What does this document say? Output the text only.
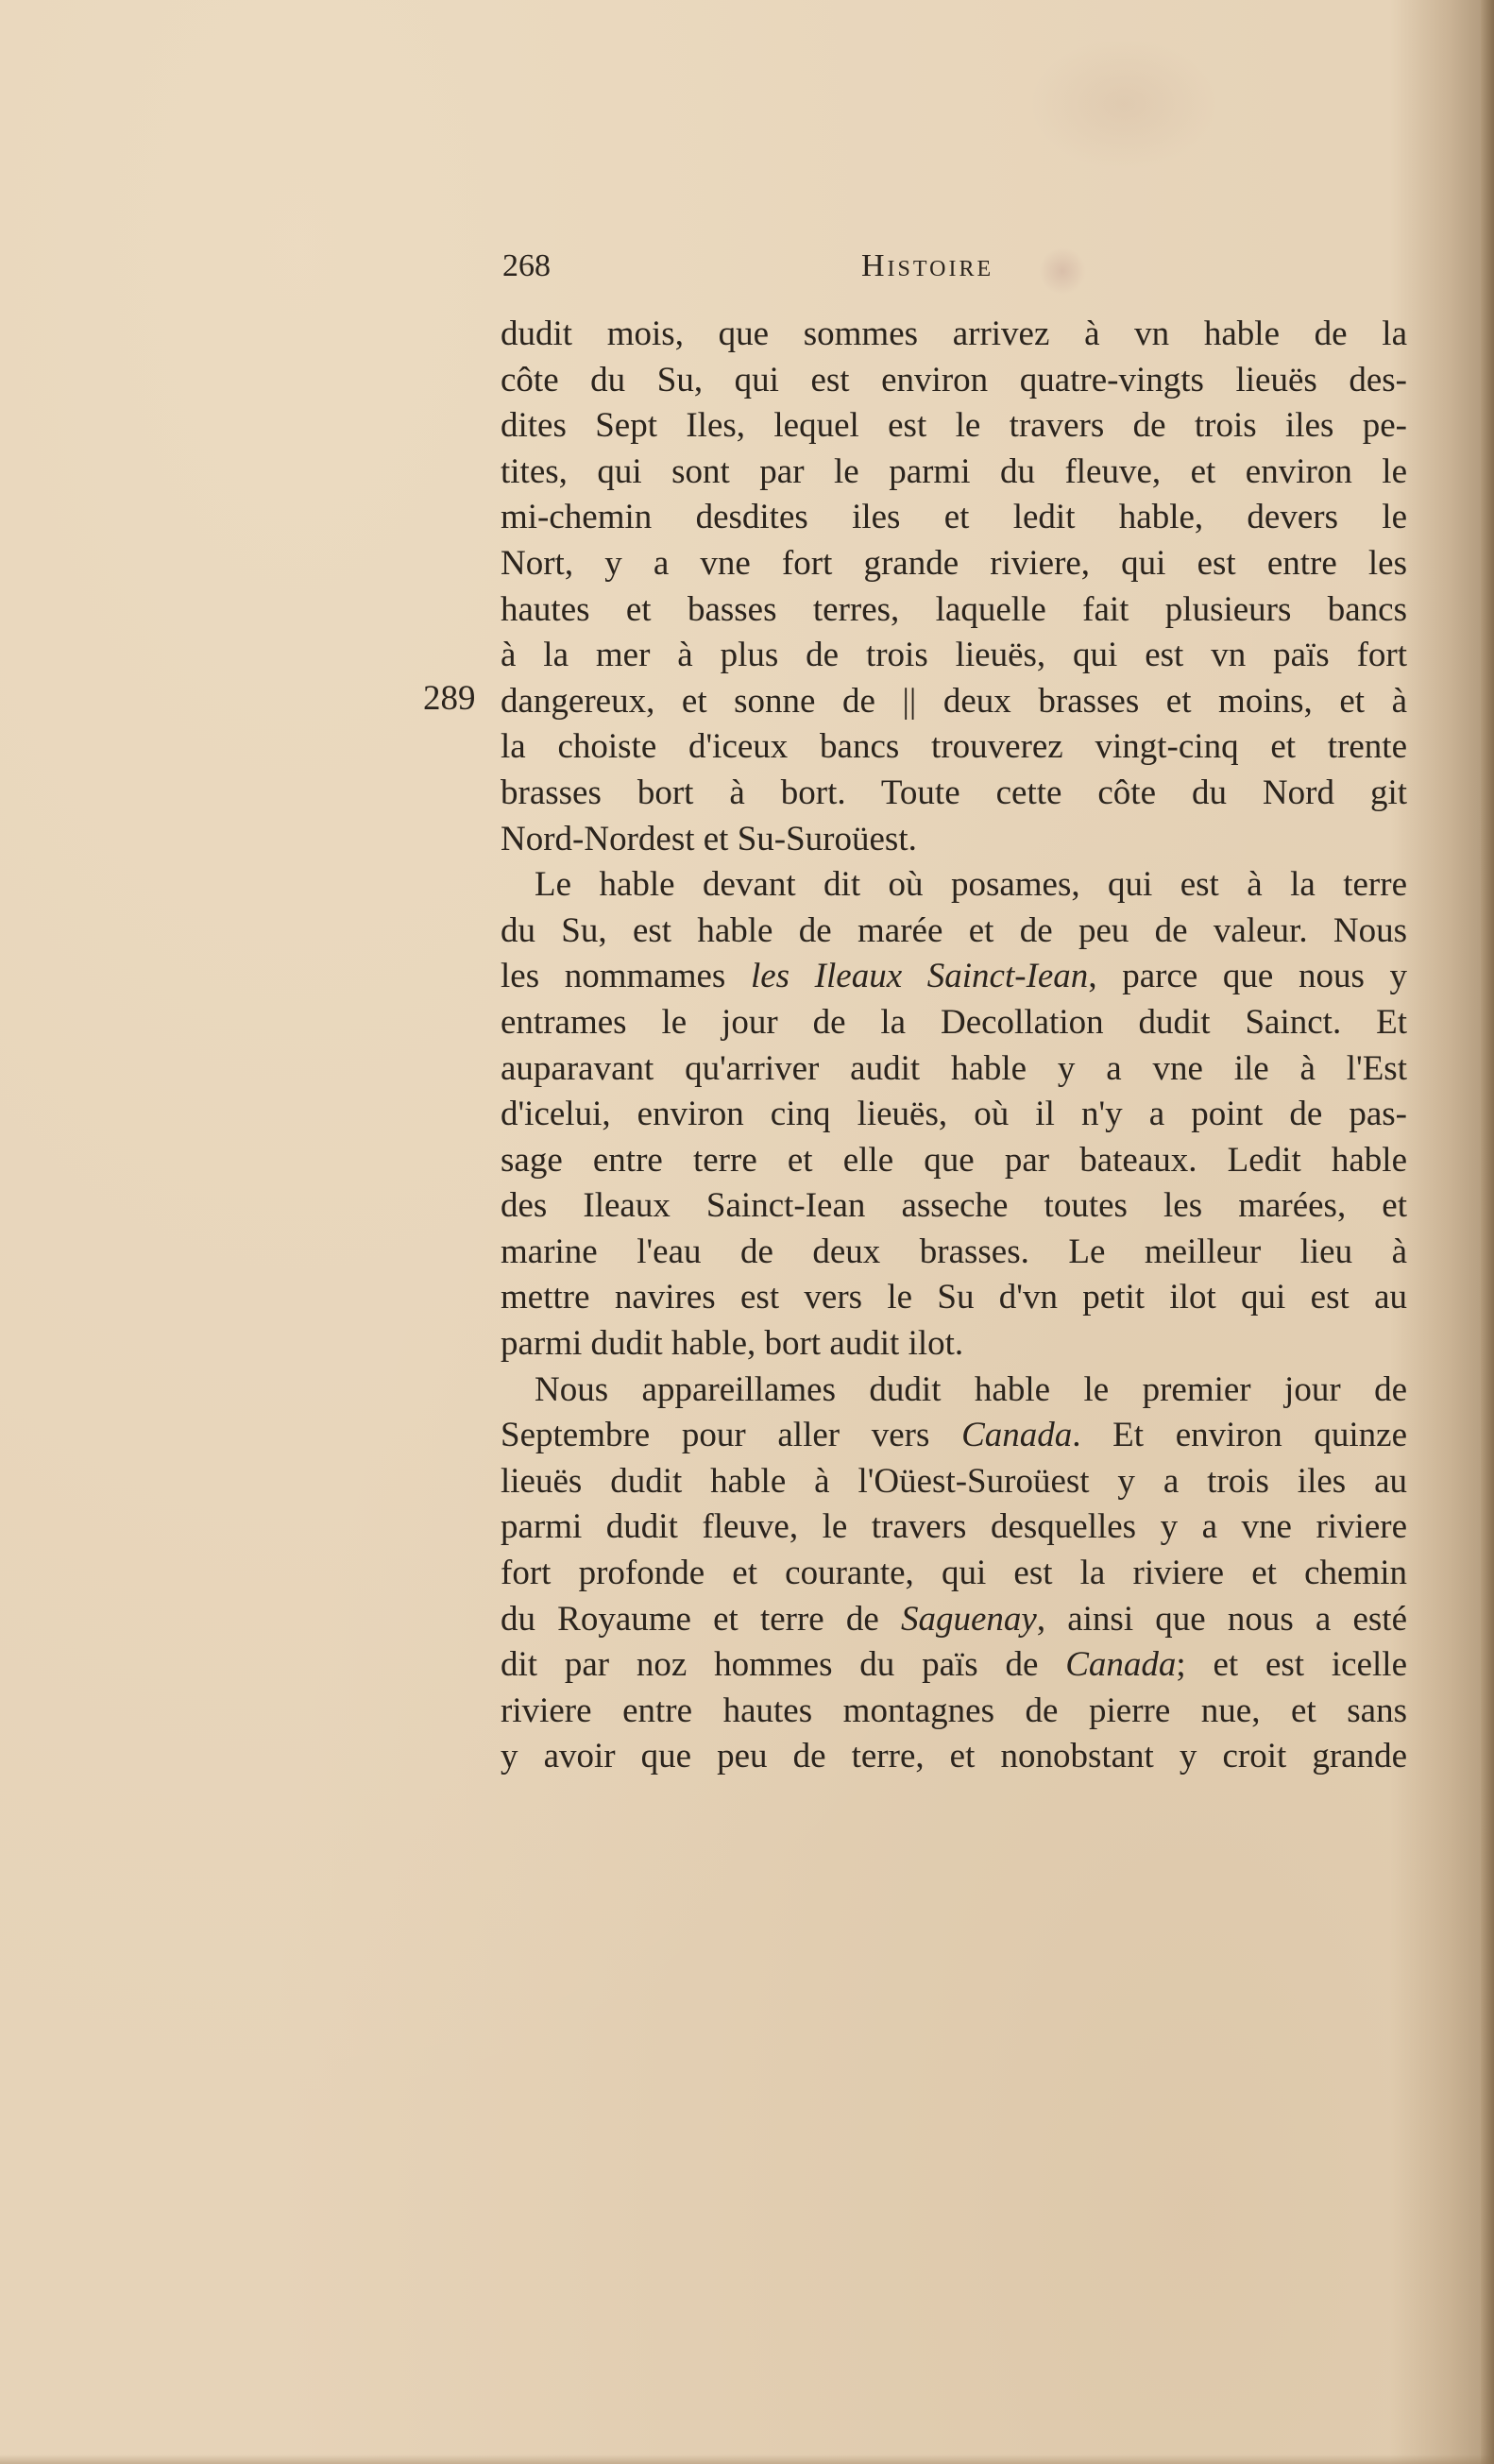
268	Histoire
289
dudit mois, que sommes arrivez à vn hable de la
côte du Su, qui est environ quatre-vingts lieuës des-
dites Sept Iles, lequel est le travers de trois iles pe-
tites, qui sont par le parmi du fleuve, et environ le
mi-chemin desdites iles et ledit hable, devers le
Nort, y a vne fort grande riviere, qui est entre les
hautes et basses terres, laquelle fait plusieurs bancs
à la mer à plus de trois lieuës, qui est vn païs fort
dangereux, et sonne de || deux brasses et moins, et à
la choiste d'iceux bancs trouverez vingt-cinq et trente
brasses bort à bort. Toute cette côte du Nord git
Nord-Nordest et Su-Suroüest.
Le hable devant dit où posames, qui est à la terre
du Su, est hable de marée et de peu de valeur. Nous
les nommames les Ileaux Sainct-Iean, parce que nous y
entrames le jour de la Decollation dudit Sainct. Et
auparavant qu'arriver audit hable y a vne ile à l'Est
d'icelui, environ cinq lieuës, où il n'y a point de pas-
sage entre terre et elle que par bateaux. Ledit hable
des Ileaux Sainct-Iean asseche toutes les marées, et
marine l'eau de deux brasses. Le meilleur lieu à
mettre navires est vers le Su d'vn petit ilot qui est au
parmi dudit hable, bort audit ilot.
Nous appareillames dudit hable le premier jour de
Septembre pour aller vers Canada. Et environ quinze
lieuës dudit hable à l'Oüest-Suroüest y a trois iles au
parmi dudit fleuve, le travers desquelles y a vne riviere
fort profonde et courante, qui est la riviere et chemin
du Royaume et terre de Saguenay, ainsi que nous a esté
dit par noz hommes du païs de Canada; et est icelle
riviere entre hautes montagnes de pierre nue, et sans
y avoir que peu de terre, et nonobstant y croit grande
